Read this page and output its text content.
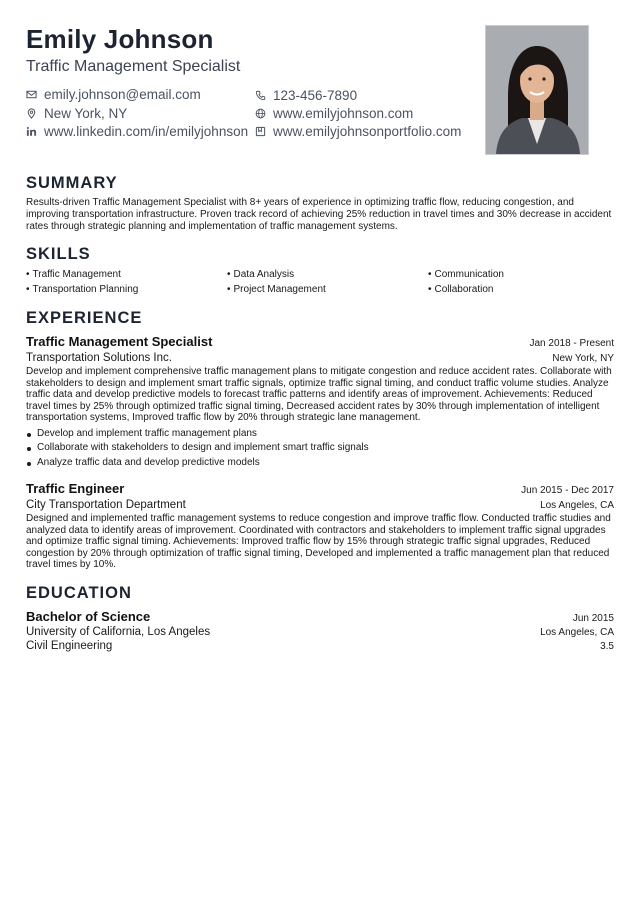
Emily Johnson
Traffic Management Specialist
emily.johnson@email.com	123-456-7890
New York, NY	www.emilyjohnson.com
www.linkedin.com/in/emilyjohnson www.emilyjohnsonportfolio.com
SUMMARY
Results-driven Traffic Management Specialist with 8+ years of experience in optimizing traffic flow, reducing congestion, and improving transportation infrastructure. Proven track record of achieving 25% reduction in travel times and 30% decrease in accident rates through strategic planning and implementation of traffic management systems.
SKILLS
• Traffic Management	• Data Analysis	• Communication
• Transportation Planning	• Project Management	• Collaboration
EXPERIENCE
Traffic Management Specialist	Jan 2018 - Present
Transportation Solutions Inc.	New York, NY
Develop and implement comprehensive traffic management plans to mitigate congestion and reduce accident rates. Collaborate with stakeholders to design and implement smart traffic signals, optimize traffic signal timing, and conduct traffic volume studies. Analyze traffic data and develop predictive models to forecast traffic patterns and identify areas of improvement. Achievements: Reduced travel times by 25% through optimized traffic signal timing, Decreased accident rates by 30% through implementation of intelligent transportation systems, Improved traffic flow by 20% through strategic lane management.
Develop and implement traffic management plans
Collaborate with stakeholders to design and implement smart traffic signals
Analyze traffic data and develop predictive models
Traffic Engineer	Jun 2015 - Dec 2017
City Transportation Department	Los Angeles, CA
Designed and implemented traffic management systems to reduce congestion and improve traffic flow. Conducted traffic studies and analyzed data to identify areas of improvement. Coordinated with contractors and stakeholders to implement traffic signal upgrades and optimize traffic signal timing. Achievements: Improved traffic flow by 15% through strategic traffic signal upgrades, Reduced congestion by 20% through optimization of traffic signal timing, Developed and implemented a traffic management plan that reduced travel times by 10%.
EDUCATION
Bachelor of Science	Jun 2015
University of California, Los Angeles	Los Angeles, CA
Civil Engineering	3.5
